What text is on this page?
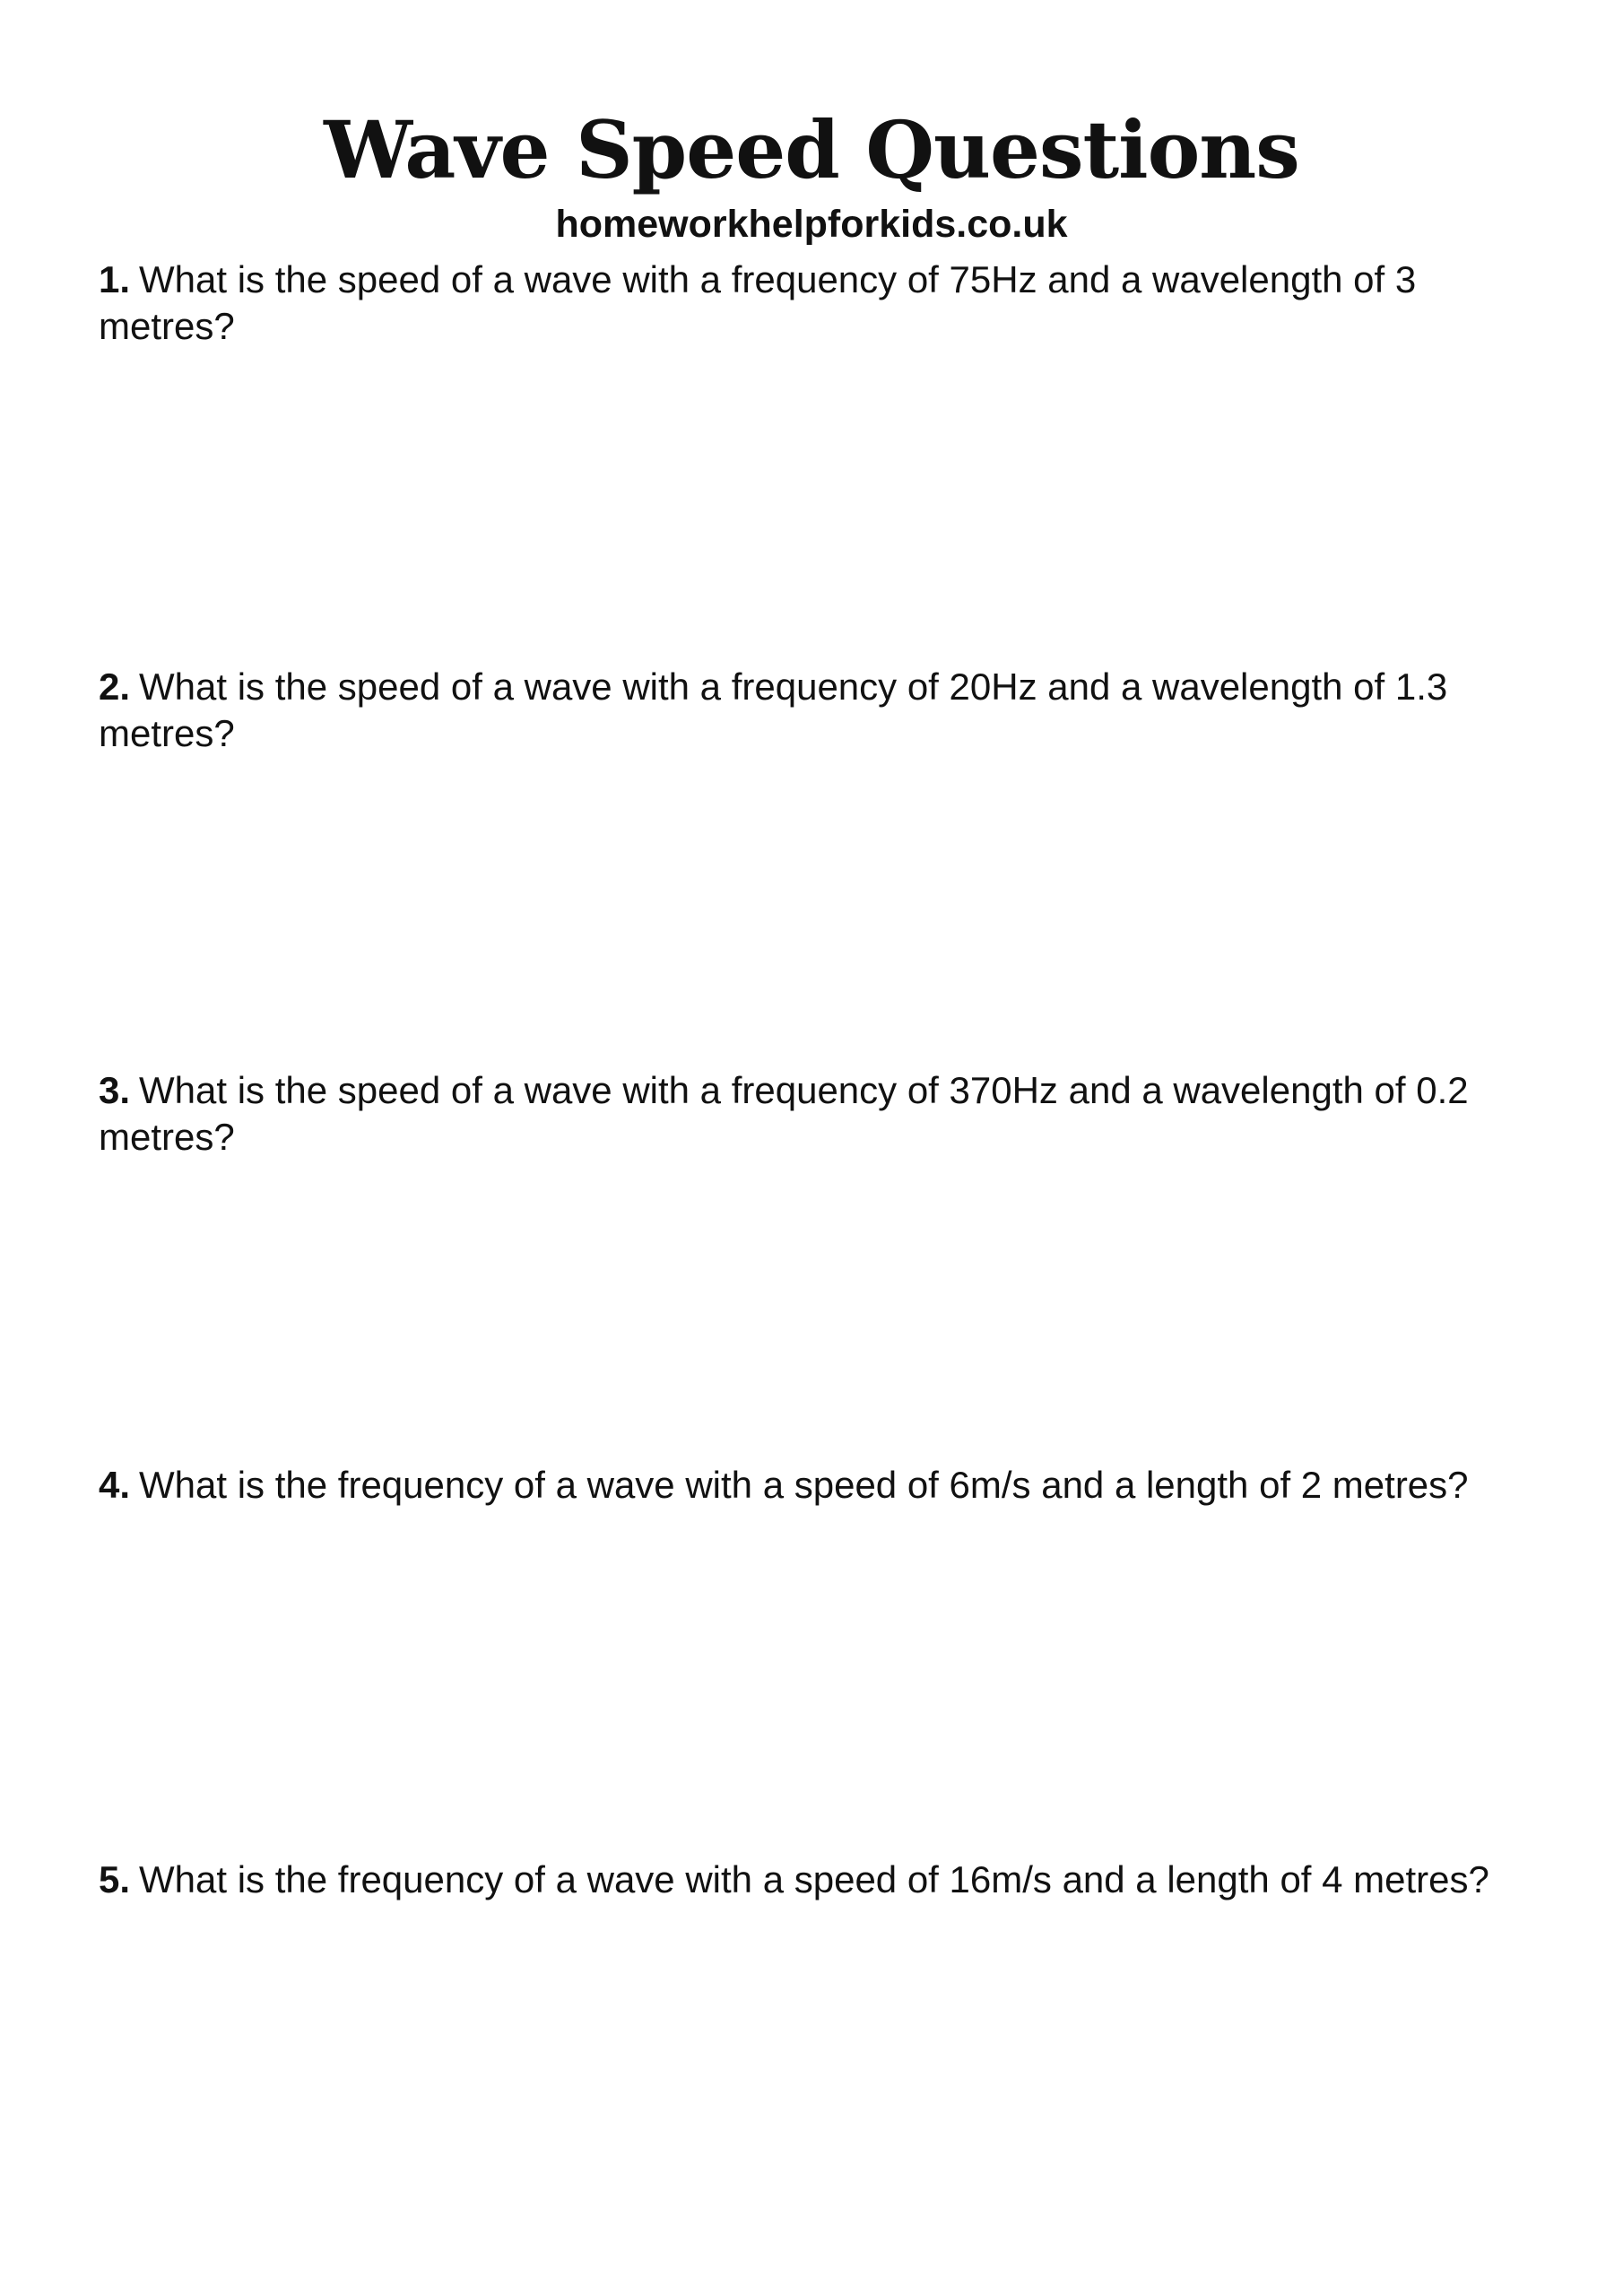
Wave Speed Questions
homeworkhelpforkids.co.uk

1. What is the speed of a wave with a frequency of 75Hz and a wavelength of 3 metres?

2. What is the speed of a wave with a frequency of 20Hz and a wavelength of 1.3 metres?

3. What is the speed of a wave with a frequency of 370Hz and a wavelength of 0.2 metres?

4. What is the frequency of a wave with a speed of 6m/s and a length of 2 metres?

5. What is the frequency of a wave with a speed of 16m/s and a length of 4 metres?
